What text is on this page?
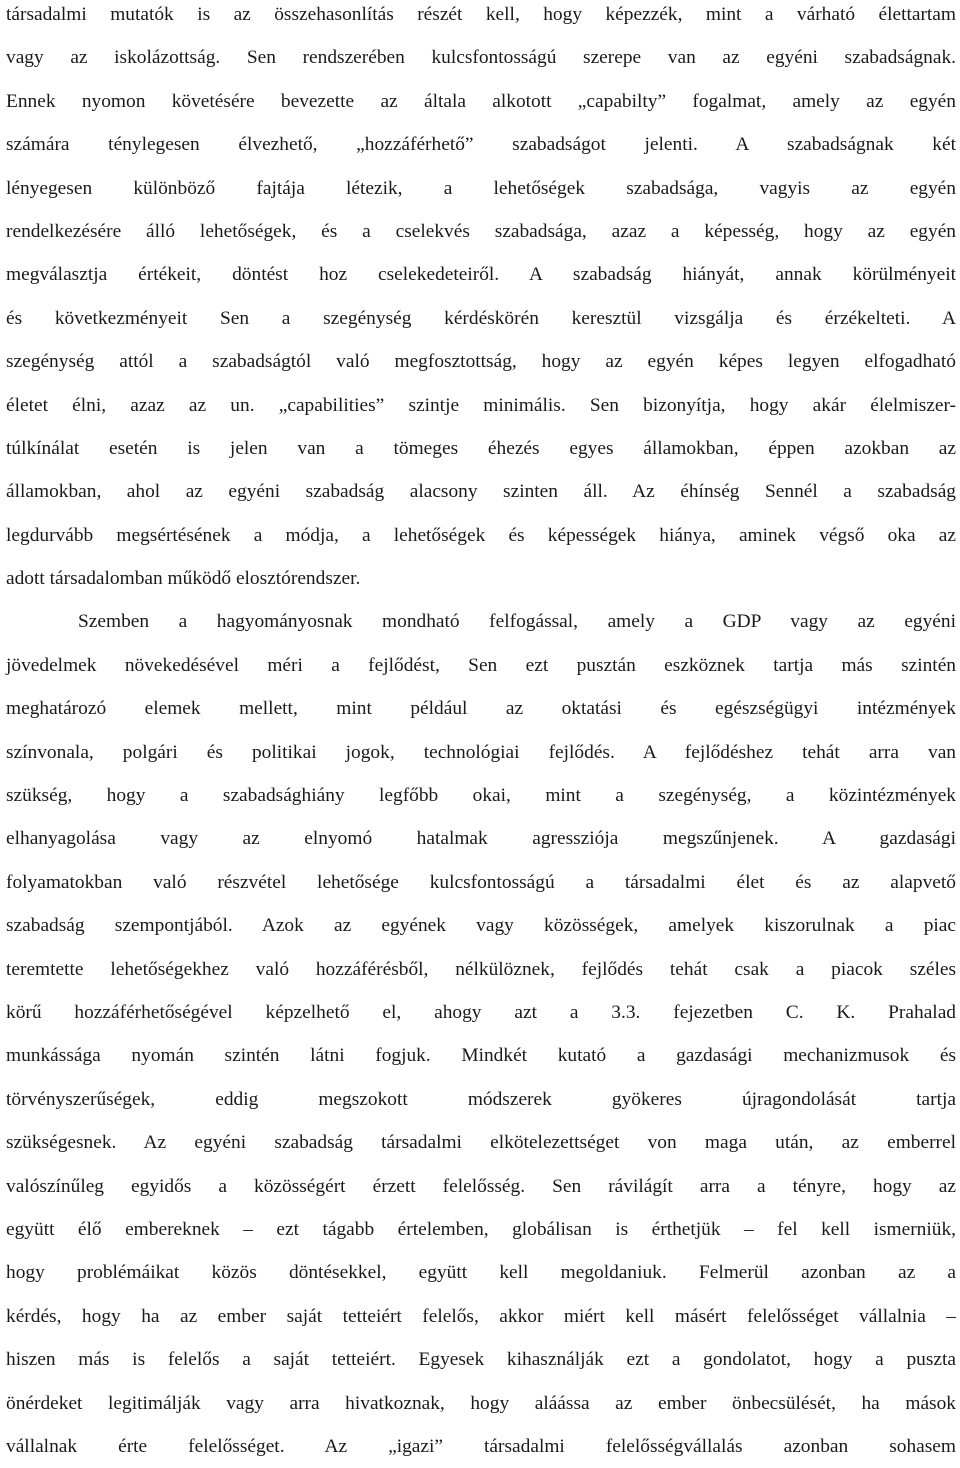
társadalmi mutatók is az összehasonlítás részét kell, hogy képezzék, mint a várható élettartam
vagy az iskolázottság. Sen rendszerében kulcsfontosságú szerepe van az egyéni szabadságnak.
Ennek nyomon követésére bevezette az általa alkotott „capabilty” fogalmat, amely az egyén
számára ténylegesen élvezhető, „hozzáférhető” szabadságot jelenti. A szabadságnak két
lényegesen különböző fajtája létezik, a lehetőségek szabadsága, vagyis az egyén
rendelkezésére álló lehetőségek, és a cselekvés szabadsága, azaz a képesség, hogy az egyén
megválasztja értékeit, döntést hoz cselekedeteiről. A szabadság hiányát, annak körülményeit
és következményeit Sen a szegénység kérdéskörén keresztül vizsgálja és érzékelteti. A
szegénység attól a szabadságtól való megfosztottság, hogy az egyén képes legyen elfogadható
életet élni, azaz az un. „capabilities” szintje minimális. Sen bizonyítja, hogy akár élelmiszer-
túlkínálat esetén is jelen van a tömeges éhezés egyes államokban, éppen azokban az
államokban, ahol az egyéni szabadság alacsony szinten áll. Az éhínség Sennél a szabadság
legdurvább megsértésének a módja, a lehetőségek és képességek hiánya, aminek végső oka az
adott társadalomban működő elosztórendszer.
Szemben a hagyományosnak mondható felfogással, amely a GDP vagy az egyéni
jövedelmek növekedésével méri a fejlődést, Sen ezt pusztán eszköznek tartja más szintén
meghatározó elemek mellett, mint például az oktatási és egészségügyi intézmények
színvonala, polgári és politikai jogok, technológiai fejlődés. A fejlődéshez tehát arra van
szükség, hogy a szabadsághiány legfőbb okai, mint a szegénység, a közintézmények
elhanyagolása vagy az elnyomó hatalmak agressziója megszűnjenek. A gazdasági
folyamatokban való részvétel lehetősége kulcsfontosságú a társadalmi élet és az alapvető
szabadság szempontjából. Azok az egyének vagy közösségek, amelyek kiszorulnak a piac
teremtette lehetőségekhez való hozzáférésből, nélkülöznek, fejlődés tehát csak a piacok széles
körű hozzáférhetőségével képzelhető el, ahogy azt a 3.3. fejezetben C. K. Prahalad
munkássága nyomán szintén látni fogjuk. Mindkét kutató a gazdasági mechanizmusok és
törvényszerűségek, eddig megszokott módszerek gyökeres újragondolását tartja
szükségesnek. Az egyéni szabadság társadalmi elkötelezettséget von maga után, az emberrel
valószínűleg egyidős a közösségért érzett felelősség. Sen rávilágít arra a tényre, hogy az
együtt élő embereknek – ezt tágabb értelemben, globálisan is érthetjük – fel kell ismerniük,
hogy problémáikat közös döntésekkel, együtt kell megoldaniuk. Felmerül azonban az a
kérdés, hogy ha az ember saját tetteiért felelős, akkor miért kell másért felelősséget vállalnia –
hiszen más is felelős a saját tetteiért. Egyesek kihasználják ezt a gondolatot, hogy a puszta
önérdeket legitimálják vagy arra hivatkoznak, hogy aláássa az ember önbecsülését, ha mások
vállalnak érte felelősséget. Az „igazi” társadalmi felelősségvállalás azonban sohasem
